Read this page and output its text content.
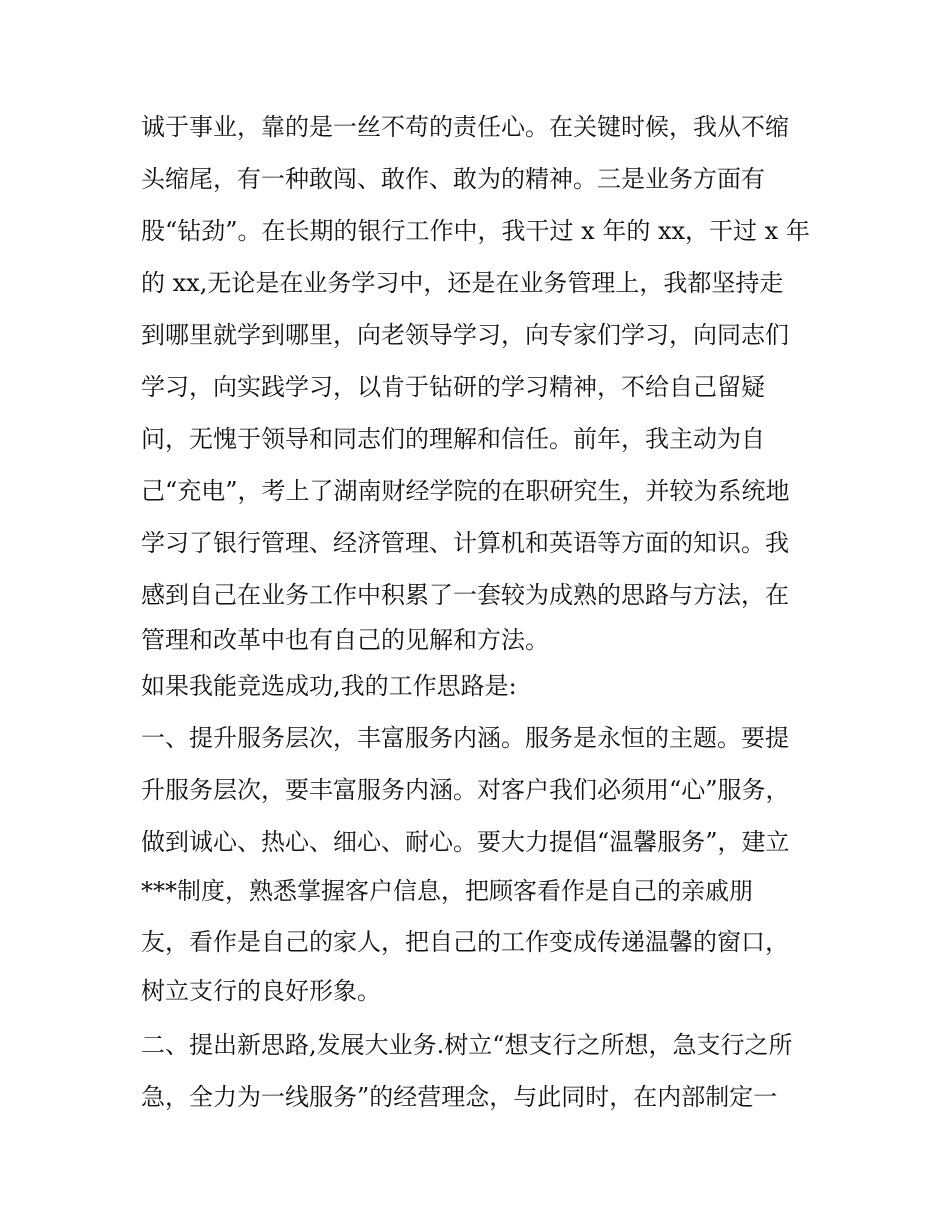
诚于事业，靠的是一丝不苟的责任心。在关键时候，我从不缩
头缩尾，有一种敢闯、敢作、敢为的精神。三是业务方面有
股“钻劲”。在长期的银行工作中，我干过 x 年的 xx，干过 x 年
的 xx,无论是在业务学习中，还是在业务管理上，我都坚持走
到哪里就学到哪里，向老领导学习，向专家们学习，向同志们
学习，向实践学习，以肯于钻研的学习精神，不给自己留疑
问，无愧于领导和同志们的理解和信任。前年，我主动为自
己“充电”，考上了湖南财经学院的在职研究生，并较为系统地
学习了银行管理、经济管理、计算机和英语等方面的知识。我
感到自己在业务工作中积累了一套较为成熟的思路与方法，在
管理和改革中也有自己的见解和方法。
如果我能竞选成功,我的工作思路是:
一、提升服务层次，丰富服务内涵。服务是永恒的主题。要提
升服务层次，要丰富服务内涵。对客户我们必须用“心”服务，
做到诚心、热心、细心、耐心。要大力提倡“温馨服务”，建立
***制度，熟悉掌握客户信息，把顾客看作是自己的亲戚朋
友，看作是自己的家人，把自己的工作变成传递温馨的窗口，
树立支行的良好形象。
二、提出新思路,发展大业务.树立“想支行之所想，急支行之所
急，全力为一线服务”的经营理念，与此同时，在内部制定一
